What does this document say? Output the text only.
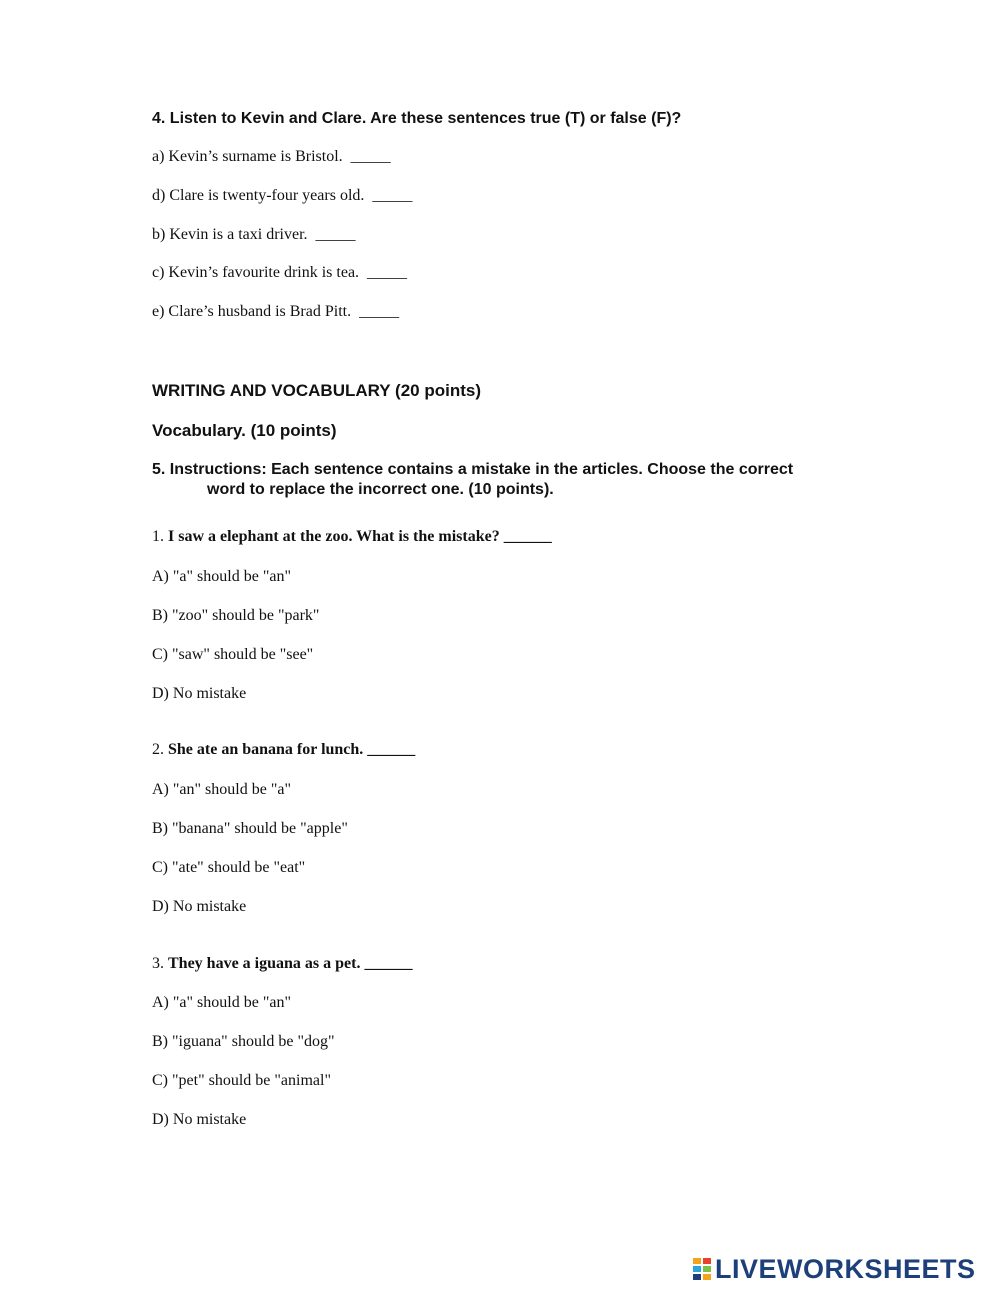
4. Listen to Kevin and Clare. Are these sentences true (T) or false (F)?
a) Kevin’s surname is Bristol.  _____
d) Clare is twenty-four years old.  _____
b) Kevin is a taxi driver.  _____
c) Kevin’s favourite drink is tea.  _____
e) Clare’s husband is Brad Pitt.  _____
WRITING AND VOCABULARY (20 points)
Vocabulary. (10 points)
5. Instructions: Each sentence contains a mistake in the articles. Choose the correct
word to replace the incorrect one. (10 points).
1. I saw a elephant at the zoo. What is the mistake? ______
A) "a" should be "an"
B) "zoo" should be "park"
C) "saw" should be "see"
D) No mistake
2. She ate an banana for lunch. ______
A) "an" should be "a"
B) "banana" should be "apple"
C) "ate" should be "eat"
D) No mistake
3. They have a iguana as a pet. ______
A) "a" should be "an"
B) "iguana" should be "dog"
C) "pet" should be "animal"
D) No mistake
LIVEWORKSHEETS
